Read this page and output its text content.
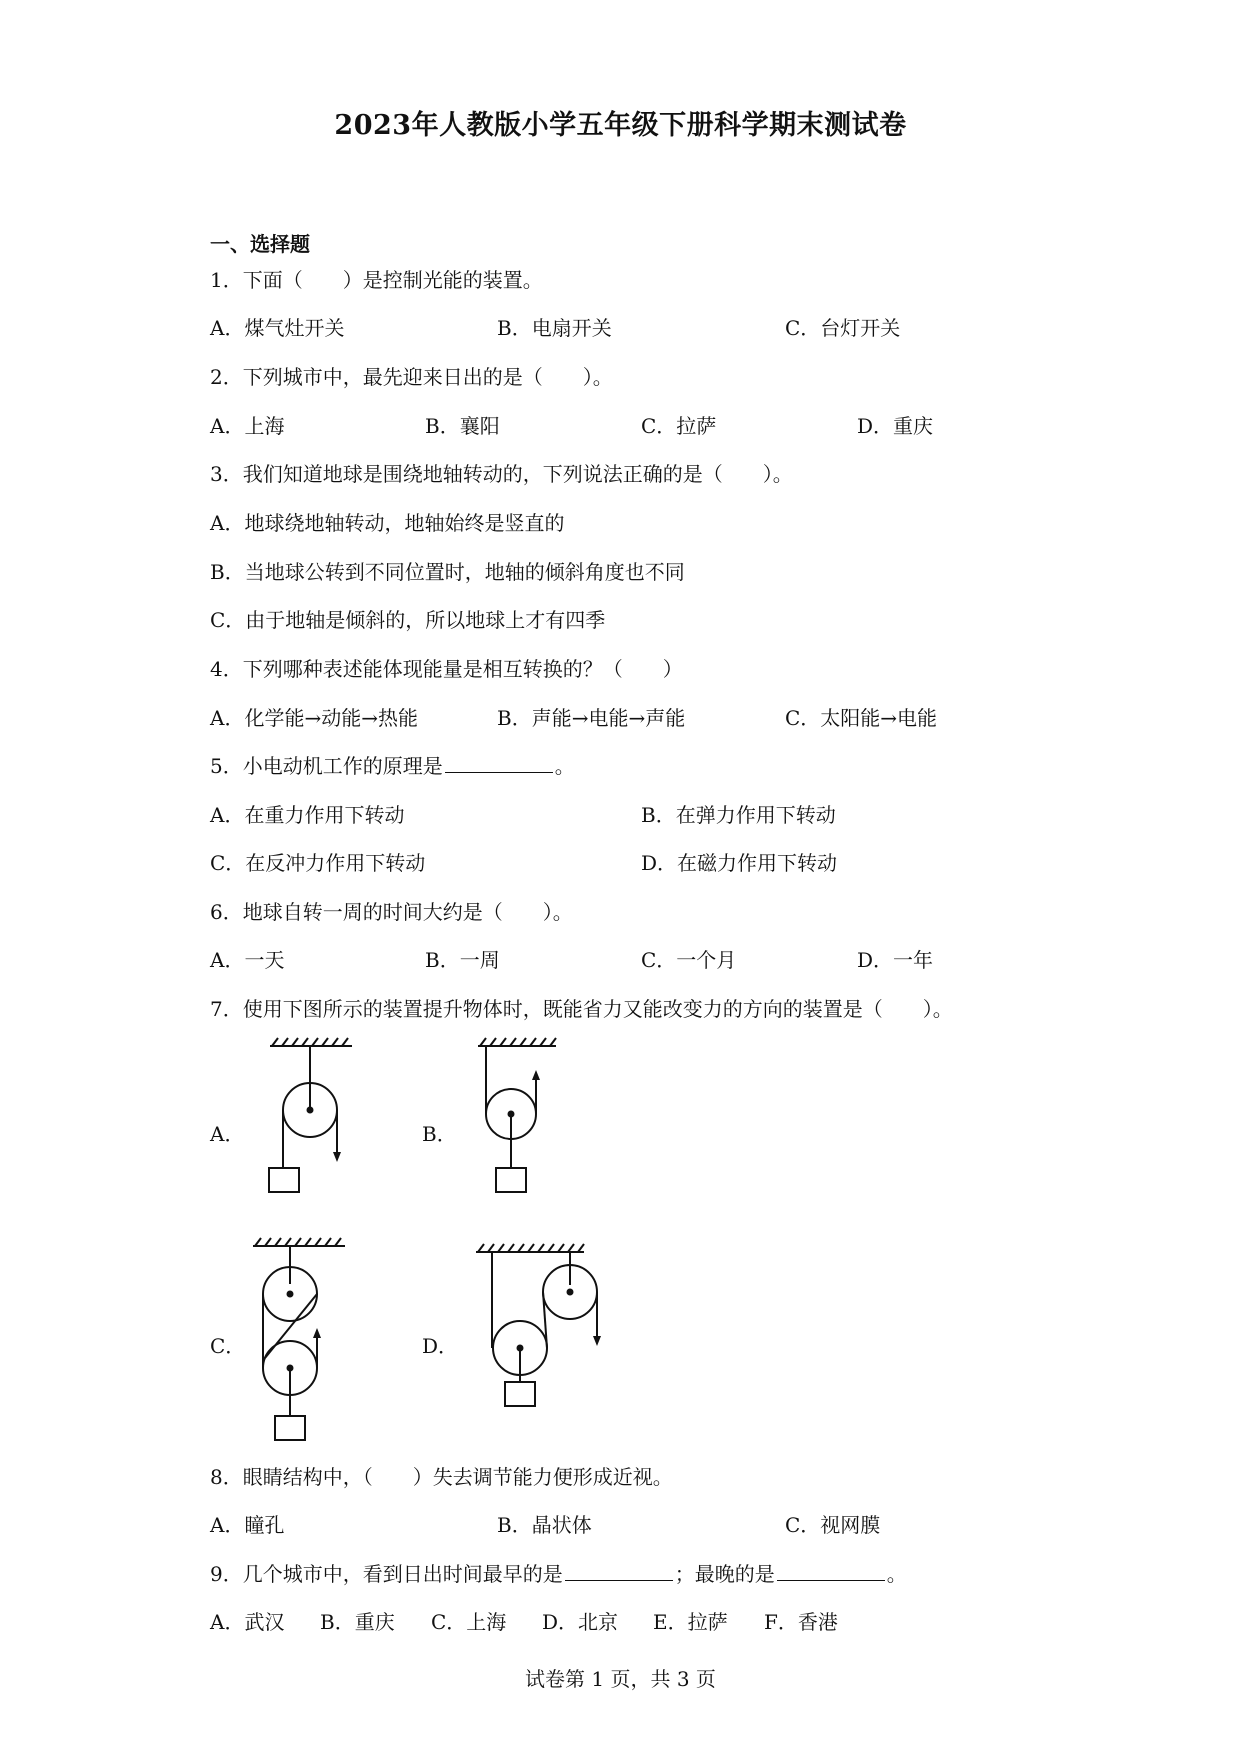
2023年人教版小学五年级下册科学期末测试卷
一、选择题
1．下面（　　）是控制光能的装置。
A．煤气灶开关	B．电扇开关	C．台灯开关
2．下列城市中，最先迎来日出的是（　　）。
A．上海	B．襄阳	C．拉萨	D．重庆
3．我们知道地球是围绕地轴转动的，下列说法正确的是（　　）。
A．地球绕地轴转动，地轴始终是竖直的
B．当地球公转到不同位置时，地轴的倾斜角度也不同
C．由于地轴是倾斜的，所以地球上才有四季
4．下列哪种表述能体现能量是相互转换的？（　　）
A．化学能→动能→热能	B．声能→电能→声能	C．太阳能→电能
5．小电动机工作的原理是	。
A．在重力作用下转动	B．在弹力作用下转动
C．在反冲力作用下转动	D．在磁力作用下转动
6．地球自转一周的时间大约是（　　）。
A．一天	B．一周	C．一个月	D．一年
7．使用下图所示的装置提升物体时，既能省力又能改变力的方向的装置是（　　）。
A．	B．
C．	D．
8．眼睛结构中，（　　）失去调节能力便形成近视。
A．瞳孔	B．晶状体	C．视网膜
9．几个城市中，看到日出时间最早的是	；最晚的是	。
A．武汉 B．重庆 C．上海 D．北京 E．拉萨 F．香港
试卷第 1 页，共 3 页
